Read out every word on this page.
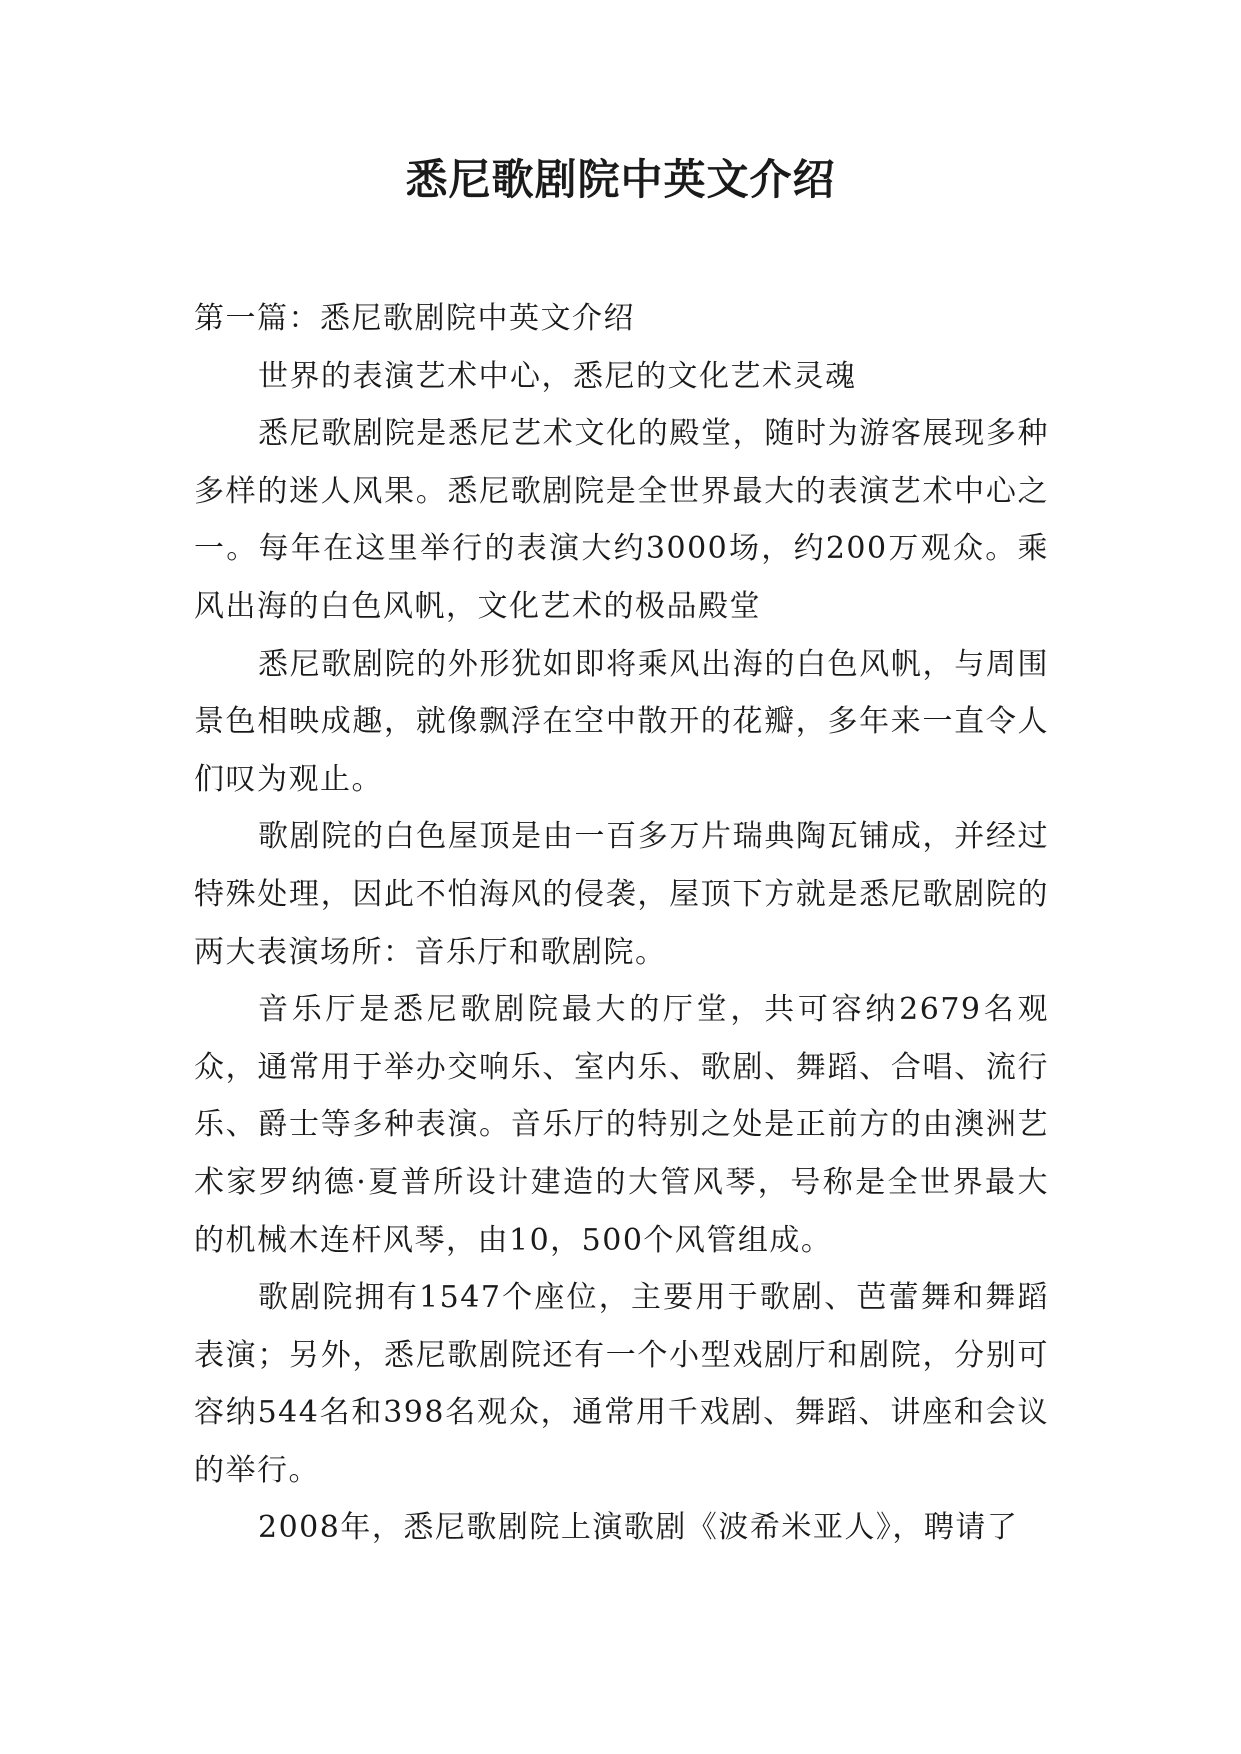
悉尼歌剧院中英文介绍

第一篇：悉尼歌剧院中英文介绍

世界的表演艺术中心，悉尼的文化艺术灵魂

悉尼歌剧院是悉尼艺术文化的殿堂，随时为游客展现多种多样的迷人风果。悉尼歌剧院是全世界最大的表演艺术中心之一。每年在这里举行的表演大约3000场，约200万观众。乘风出海的白色风帆，文化艺术的极品殿堂

悉尼歌剧院的外形犹如即将乘风出海的白色风帆，与周围景色相映成趣，就像飘浮在空中散开的花瓣，多年来一直令人们叹为观止。

歌剧院的白色屋顶是由一百多万片瑞典陶瓦铺成，并经过特殊处理，因此不怕海风的侵袭，屋顶下方就是悉尼歌剧院的两大表演场所：音乐厅和歌剧院。

音乐厅是悉尼歌剧院最大的厅堂，共可容纳2679名观众，通常用于举办交响乐、室内乐、歌剧、舞蹈、合唱、流行乐、爵士等多种表演。音乐厅的特别之处是正前方的由澳洲艺术家罗纳德·夏普所设计建造的大管风琴，号称是全世界最大的机械木连杆风琴，由10，500个风管组成。

歌剧院拥有1547个座位，主要用于歌剧、芭蕾舞和舞蹈表演；另外，悉尼歌剧院还有一个小型戏剧厅和剧院，分别可容纳544名和398名观众，通常用千戏剧、舞蹈、讲座和会议的举行。

2008年，悉尼歌剧院上演歌剧《波希米亚人》，聘请了
